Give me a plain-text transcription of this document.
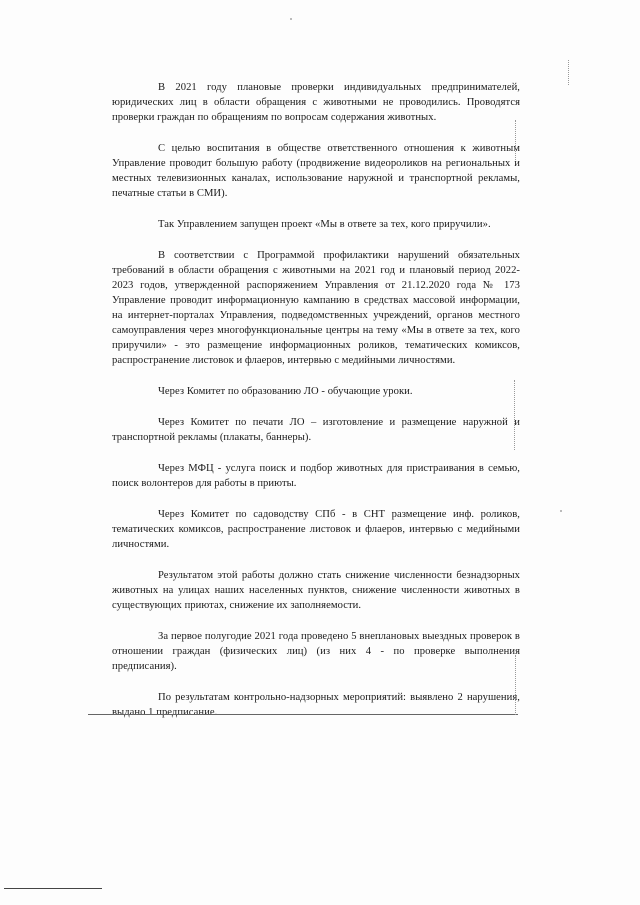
В 2021 году плановые проверки индивидуальных предпринимателей, юридических лиц в области обращения с животными не проводились. Проводятся проверки граждан по обращениям по вопросам содержания животных.

С целью воспитания в обществе ответственного отношения к животным Управление проводит большую работу (продвижение видеороликов на региональных и местных телевизионных каналах, использование наружной и транспортной рекламы, печатные статьи в СМИ).

Так Управлением запущен проект «Мы в ответе за тех, кого приручили».

В соответствии с Программой профилактики нарушений обязательных требований в области обращения с животными на 2021 год и плановый период 2022-2023 годов, утвержденной распоряжением Управления от 21.12.2020 года № 173 Управление проводит информационную кампанию в средствах массовой информации, на интернет-порталах Управления, подведомственных учреждений, органов местного самоуправления через многофункциональные центры на тему «Мы в ответе за тех, кого приручили» - это размещение информационных роликов, тематических комиксов, распространение листовок и флаеров, интервью с медийными личностями.

Через Комитет по образованию ЛО - обучающие уроки.

Через Комитет по печати ЛО – изготовление и размещение наружной и транспортной рекламы (плакаты, баннеры).

Через МФЦ - услуга поиск и подбор животных для пристраивания в семью, поиск волонтеров для работы в приюты.

Через Комитет по садоводству СПб - в СНТ размещение инф. роликов, тематических комиксов, распространение листовок и флаеров, интервью с медийными личностями.

Результатом этой работы должно стать снижение численности безнадзорных животных на улицах наших населенных пунктов, снижение численности животных в существующих приютах, снижение их заполняемости.

За первое полугодие 2021 года проведено 5 внеплановых выездных проверок в отношении граждан (физических лиц) (из них 4 - по проверке выполнения предписания).

По результатам контрольно-надзорных мероприятий: выявлено 2 нарушения, выдано 1 предписание.
